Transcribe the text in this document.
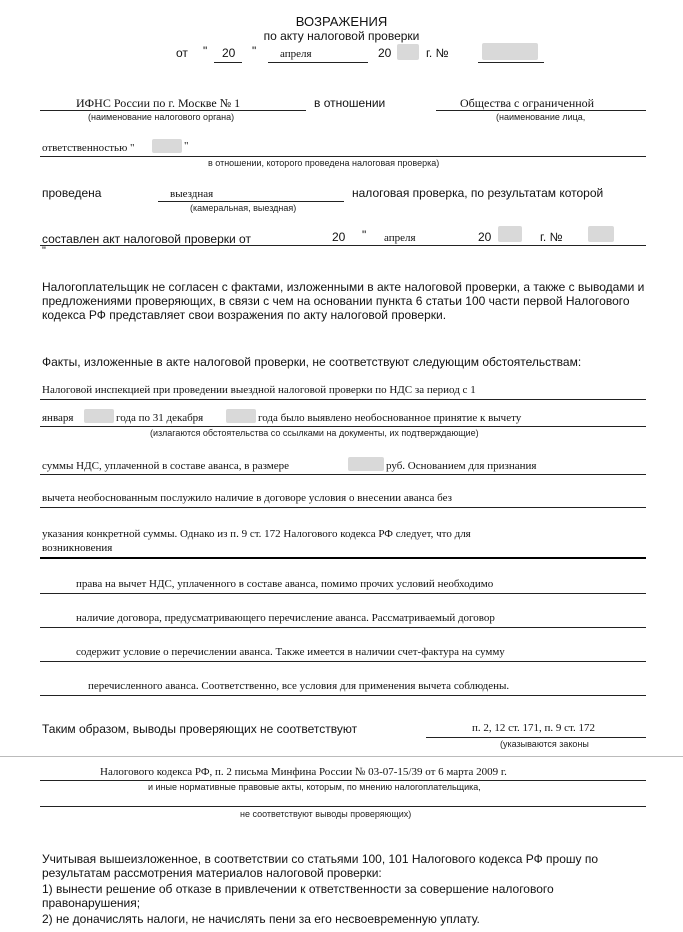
ВОЗРАЖЕНИЯ
по акту налоговой проверки
от " 20 " апреля	20	г. №
ИФНС России по г. Москве № 1
(наименование налогового органа)
в отношении	Общества с ограниченной
(наименование лица,
ответственностью "	"
в отношении, которого проведена налоговая проверка)
проведена	выездная
(камеральная, выездная)
налоговая проверка, по результатам которой
составлен акт налоговой проверки от	20 " апреля	20	г. №
"
Налогоплательщик не согласен с фактами, изложенными в акте налоговой проверки, а также с выводами и предложениями проверяющих, в связи с чем на основании пункта 6 статьи 100 части первой Налогового кодекса РФ представляет свои возражения по акту налоговой проверки.
Факты, изложенные в акте налоговой проверки, не соответствуют следующим обстоятельствам:
Налоговой инспекцией при проведении выездной налоговой проверки по НДС за период с 1
января	года по 31 декабря	года было выявлено необоснованное принятие к вычету
(излагаются обстоятельства со ссылками на документы, их подтверждающие)
суммы НДС, уплаченной в составе аванса, в размере	руб. Основанием для признания
вычета необоснованным послужило наличие в договоре условия о внесении аванса без
указания конкретной суммы. Однако из п. 9 ст. 172 Налогового кодекса РФ следует, что для
возникновения
права на вычет НДС, уплаченного в составе аванса, помимо прочих условий необходимо
наличие договора, предусматривающего перечисление аванса. Рассматриваемый договор
содержит условие о перечислении аванса. Также имеется в наличии счет-фактура на сумму
перечисленного аванса. Соответственно, все условия для применения вычета соблюдены.
Таким образом, выводы проверяющих не соответствуют	п. 2, 12 ст. 171, п. 9 ст. 172
(указываются законы
Налогового кодекса РФ, п. 2 письма Минфина России № 03-07-15/39 от 6 марта 2009 г.
и иные нормативные правовые акты, которым, по мнению налогоплательщика,
не соответствуют выводы проверяющих)
Учитывая вышеизложенное, в соответствии со статьями 100, 101 Налогового кодекса РФ прошу по результатам рассмотрения материалов налоговой проверки:
1) вынести решение об отказе в привлечении к ответственности за совершение налогового правонарушения;
2) не доначислять налоги, не начислять пени за его несвоевременную уплату.
